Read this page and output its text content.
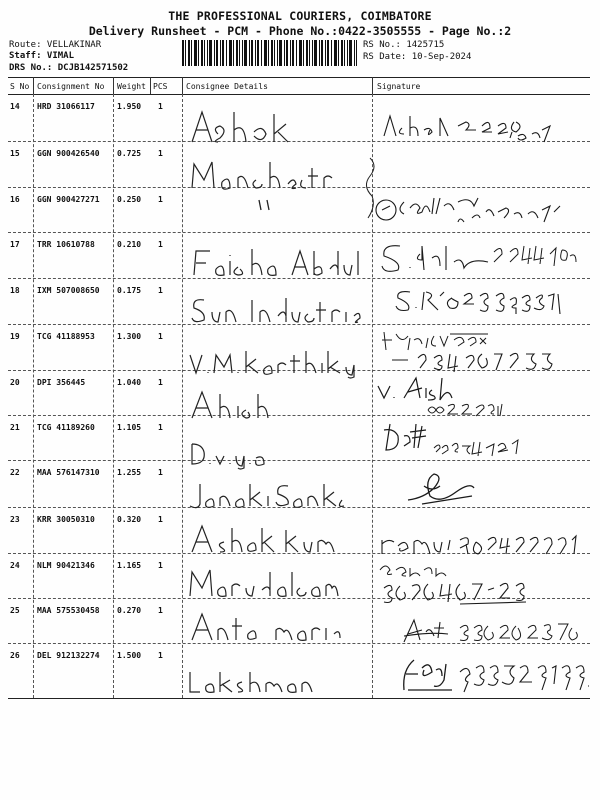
THE PROFESSIONAL COURIERS, COIMBATORE
Delivery Runsheet - PCM - Phone No.:0422-3505555 - Page No.:2
Route: VELLAKINAR
Staff: VIMAL
DRS No.: DCJB142571502
RS No.: 1425715
RS Date: 10-Sep-2024
S No Consignment No Weight PCS Consignee Details	Signature
14 HRD 31066117	1.950 1
15 GGN 900426540 0.725 1
16 GGN 900427271 0.250 1
17 TRR 10610788	0.210 1
18 IXM 507008650 0.175 1
19 TCG 41188953	1.300 1
20 DPI 356445	1.040 1
21 TCG 41189260	1.105 1
22 MAA 576147310 1.255 1
23 KRR 30050310	0.320 1
24 NLM 90421346	1.165 1
25 MAA 575530458 0.270 1
26 DEL 912132274 1.500 1
